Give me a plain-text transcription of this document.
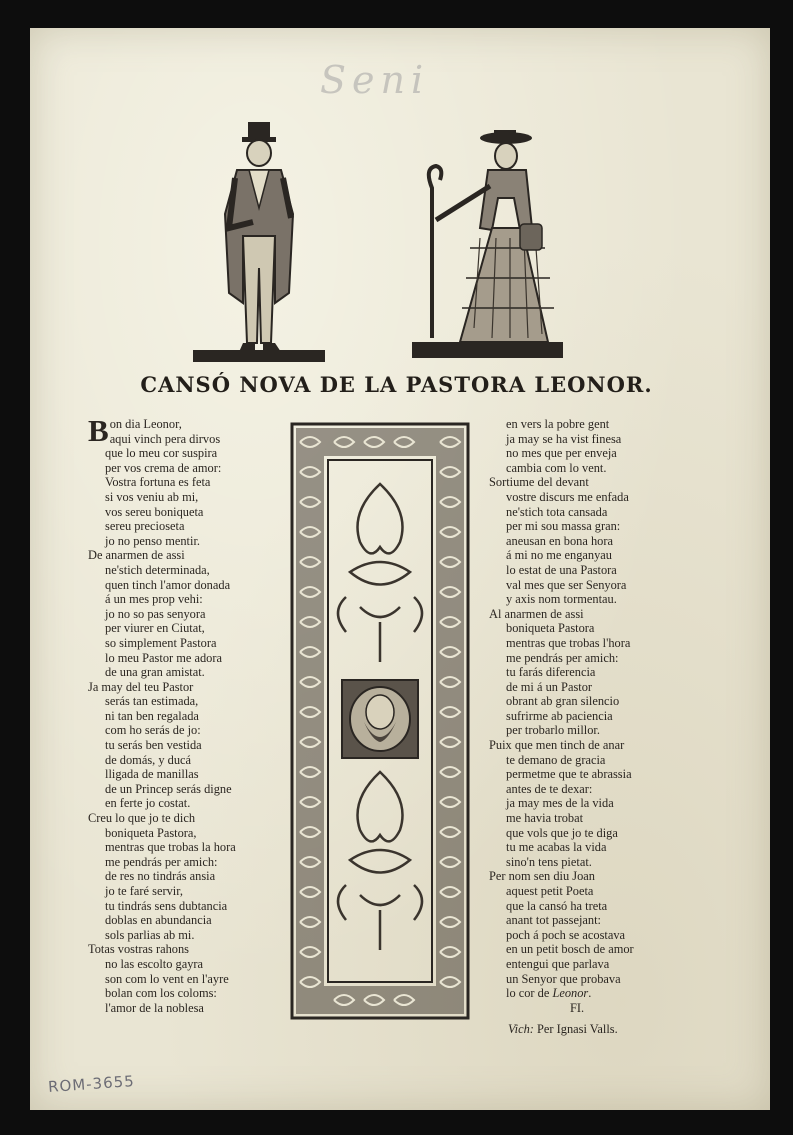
Seni
CANSÓ NOVA DE LA PASTORA LEONOR.
Bon dia Leonor,
aqui vinch pera dirvos
que lo meu cor suspira
per vos crema de amor:
Vostra fortuna es feta
si vos veniu ab mi,
vos sereu boniqueta
sereu precioseta
jo no penso mentir.
De anarmen de assi
ne'stich determinada,
quen tinch l'amor donada
á un mes prop vehi:
jo no so pas senyora
per viurer en Ciutat,
so simplement Pastora
lo meu Pastor me adora
de una gran amistat.
Ja may del teu Pastor
serás tan estimada,
ni tan ben regalada
com ho serás de jo:
tu serás ben vestida
de domás, y ducá
lligada de manillas
de un Princep serás digne
en ferte jo costat.
Creu lo que jo te dich
boniqueta Pastora,
mentras que trobas la hora
me pendrás per amich:
de res no tindrás ansia
jo te faré servir,
tu tindrás sens dubtancia
doblas en abundancia
sols parlias ab mi.
Totas vostras rahons
no las escolto gayra
son com lo vent en l'ayre
bolan com los coloms:
l'amor de la noblesa
en vers la pobre gent
ja may se ha vist finesa
no mes que per enveja
cambia com lo vent.
Sortiume del devant
vostre discurs me enfada
ne'stich tota cansada
per mi sou massa gran:
aneusan en bona hora
á mi no me enganyau
lo estat de una Pastora
val mes que ser Senyora
y axis nom tormentau.
Al anarmen de assi
boniqueta Pastora
mentras que trobas l'hora
me pendrás per amich:
tu farás diferencia
de mi á un Pastor
obrant ab gran silencio
sufrirme ab paciencia
per trobarlo millor.
Puix que men tinch de anar
te demano de gracia
permetme que te abrassia
antes de te dexar:
ja may mes de la vida
me havia trobat
que vols que jo te diga
tu me acabas la vida
sino'n tens pietat.
Per nom sen diu Joan
aquest petit Poeta
que la cansó ha treta
anant tot passejant:
poch á poch se acostava
en un petit bosch de amor
entengui que parlava
un Senyor que probava
lo cor de Leonor.
FI.
Vich: Per Ignasi Valls.
ROM-3655
